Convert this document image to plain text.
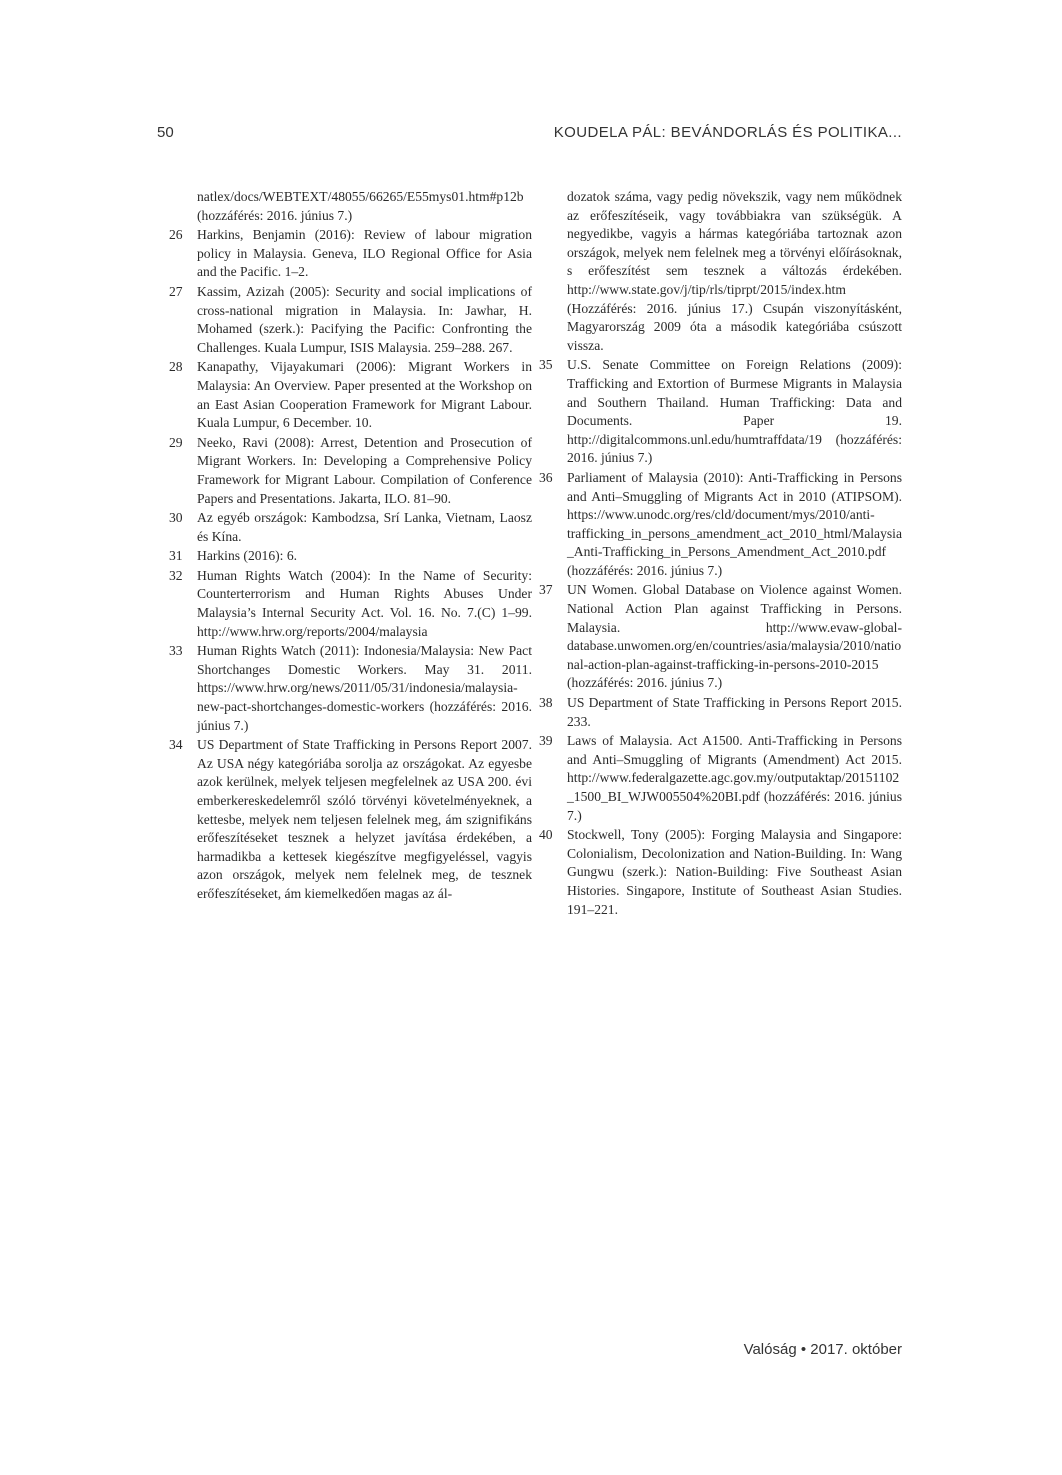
50	KOUDELA PÁL: BEVÁNDORLÁS ÉS POLITIKA...
natlex/docs/WEBTEXT/48055/66265/E55mys01.htm#p12b (hozzáférés: 2016. június 7.)
26 Harkins, Benjamin (2016): Review of labour migration policy in Malaysia. Geneva, ILO Regional Office for Asia and the Pacific. 1–2.
27 Kassim, Azizah (2005): Security and social implications of cross-national migration in Malaysia. In: Jawhar, H. Mohamed (szerk.): Pacifying the Pacific: Confronting the Challenges. Kuala Lumpur, ISIS Malaysia. 259–288. 267.
28 Kanapathy, Vijayakumari (2006): Migrant Workers in Malaysia: An Overview. Paper presented at the Workshop on an East Asian Cooperation Framework for Migrant Labour. Kuala Lumpur, 6 December. 10.
29 Neeko, Ravi (2008): Arrest, Detention and Prosecution of Migrant Workers. In: Developing a Comprehensive Policy Framework for Migrant Labour. Compilation of Conference Papers and Presentations. Jakarta, ILO. 81–90.
30 Az egyéb országok: Kambodzsa, Srí Lanka, Vietnam, Laosz és Kína.
31 Harkins (2016): 6.
32 Human Rights Watch (2004): In the Name of Security: Counterterrorism and Human Rights Abuses Under Malaysia’s Internal Security Act. Vol. 16. No. 7.(C) 1–99. http://www.hrw.org/reports/2004/malaysia
33 Human Rights Watch (2011): Indonesia/Malaysia: New Pact Shortchanges Domestic Workers. May 31. 2011. https://www.hrw.org/news/2011/05/31/indonesia/malaysia-new-pact-shortchanges-domestic-workers (hozzáférés: 2016. június 7.)
34 US Department of State Trafficking in Persons Report 2007. Az USA négy kategóriába sorolja az országokat. Az egyesbe azok kerülnek, melyek teljesen megfelelnek az USA 200. évi emberkereskedelemről szóló törvényi követelményeknek, a kettesbe, melyek nem teljesen felelnek meg, ám szignifikáns erőfeszítéseket tesznek a helyzet javítása érdekében, a harmadikba a kettesek kiegészítve megfigyeléssel, vagyis azon országok, melyek nem felelnek meg, de tesznek erőfeszítéseket, ám kiemelkedően magas az ál-
dozatok száma, vagy pedig növekszik, vagy nem működnek az erőfeszítéseik, vagy továbbiakra van szükségük. A negyedikbe, vagyis a hármas kategóriába tartoznak azon országok, melyek nem felelnek meg a törvényi előírásoknak, s erőfeszítést sem tesznek a változás érdekében. http://www.state.gov/j/tip/rls/tiprpt/2015/index.htm (Hozzáférés: 2016. június 17.) Csupán viszonyításként, Magyarország 2009 óta a második kategóriába csúszott vissza.
35 U.S. Senate Committee on Foreign Relations (2009): Trafficking and Extortion of Burmese Migrants in Malaysia and Southern Thailand. Human Trafficking: Data and Documents. Paper 19. http://digitalcommons.unl.edu/humtraffdata/19 (hozzáférés: 2016. június 7.)
36 Parliament of Malaysia (2010): Anti-Trafficking in Persons and Anti–Smuggling of Migrants Act in 2010 (ATIPSOM). https://www.unodc.org/res/cld/document/mys/2010/anti-trafficking_in_persons_amendment_act_2010_html/Malaysia_Anti-Trafficking_in_Persons_Amendment_Act_2010.pdf (hozzáférés: 2016. június 7.)
37 UN Women. Global Database on Violence against Women. National Action Plan against Trafficking in Persons. Malaysia. http://www.evaw-global-database.unwomen.org/en/countries/asia/malaysia/2010/national-action-plan-against-trafficking-in-persons-2010-2015 (hozzáférés: 2016. június 7.)
38 US Department of State Trafficking in Persons Report 2015. 233.
39 Laws of Malaysia. Act A1500. Anti-Trafficking in Persons and Anti–Smuggling of Migrants (Amendment) Act 2015. http://www.federalgazette.agc.gov.my/outputaktap/20151102_1500_BI_WJW005504%20BI.pdf (hozzáférés: 2016. június 7.)
40 Stockwell, Tony (2005): Forging Malaysia and Singapore: Colonialism, Decolonization and Nation-Building. In: Wang Gungwu (szerk.): Nation-Building: Five Southeast Asian Histories. Singapore, Institute of Southeast Asian Studies. 191–221.
Valóság • 2017. október
